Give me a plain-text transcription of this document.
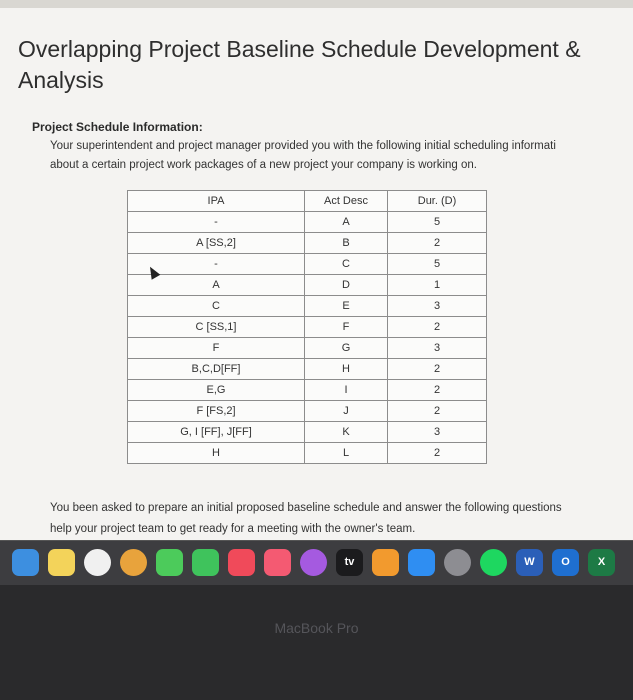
Overlapping Project Baseline Schedule Development &
Analysis
Project Schedule Information:
Your superintendent and project manager provided you with the following initial scheduling informati
about a certain project work packages of a new project your company is working on.
IPA	Act Desc	Dur. (D)
-	A	5
A [SS,2]	B	2
-	C	5
A	D	1
C	E	3
C [SS,1]	F	2
F	G	3
B,C,D[FF]	H	2
E,G	I	2
F [FS,2]	J	2
G, I [FF], J[FF]	K	3
H	L	2
You been asked to prepare an initial proposed baseline schedule and answer the following questions
help your project team to get ready for a meeting with the owner's team.
tv	W	O	X
MacBook Pro
